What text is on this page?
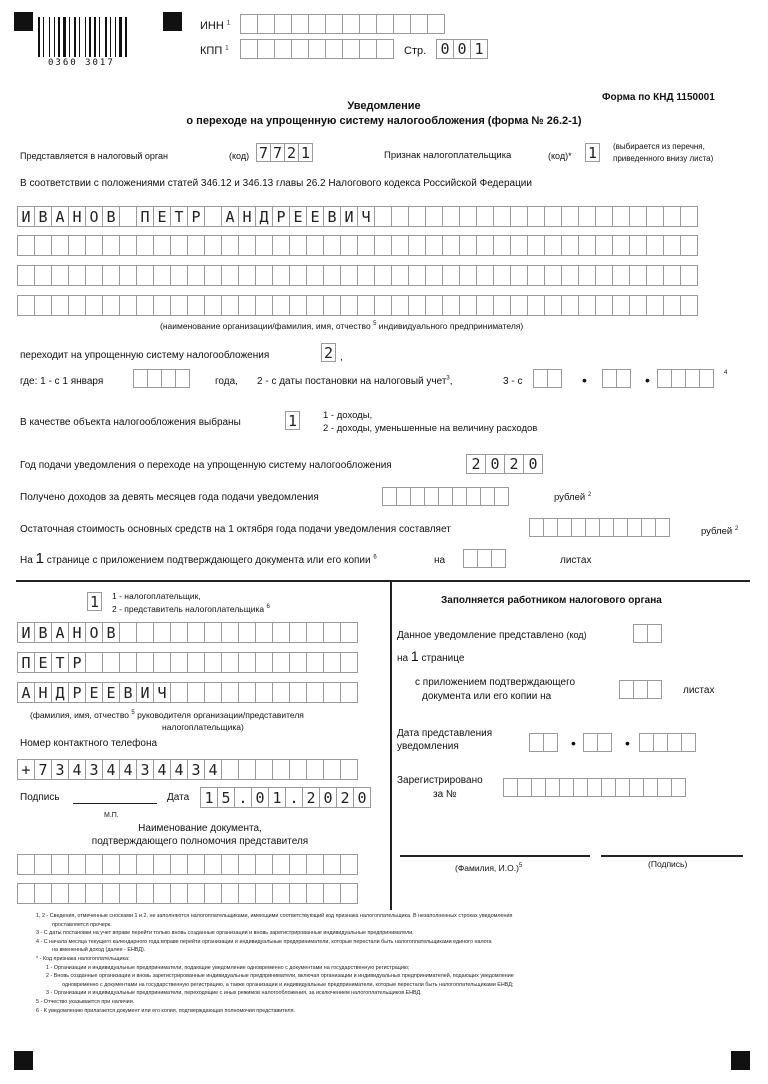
0360 3017
ИНН $^1$
КПП $^1$	Стр. 0 0 1
Форма по КНД 1150001
Уведомление
о переходе на упрощенную систему налогообложения (форма № 26.2-1)
Представляется в налоговый орган	(код) 7 7 2 1	Признак налогоплательщика	(код)* 1	(выбирается из перечня,
приведенного внизу листа)
В соответствии с положениями статей 346.12 и 346.13 главы 26.2 Налогового кодекса Российской Федерации
И В А Н О В П Е Т Р А Н Д Р Е Е В И Ч
(наименование организации/фамилия, имя, отчество $^5$ индивидуального предпринимателя)
переходит на упрощенную систему налогообложения	2 ,
где: 1 - с 1 января	года, 2 - с даты постановки на налоговый учет$^3$,	3 - с	•	•	4
В качестве объекта налогообложения выбраны	1	1 - доходы,
2 - доходы, уменьшенные на величину расходов
Год подачи уведомления о переходе на упрощенную систему налогообложения	2 0 2 0
Получено доходов за девять месяцев года подачи уведомления	рублей $^2$
Остаточная стоимость основных средств на 1 октября года подачи уведомления составляет	рублей $^2$
На 1 странице с приложением подтверждающего документа или его копии $^6$	на	листах
1	1 - налогоплательщик,
2 - представитель налогоплательщика $^6$
И В А Н О В
П Е Т Р
А Н Д Р Е Е В И Ч
(фамилия, имя, отчество $^5$ руководителя организации/представителя
налогоплательщика)
Номер контактного телефона
+ 7 3 4 3 4 4 3 4 4 3 4
Подпись
М.П.
Дата 1 5 . 0 1 . 2 0 2 0
Наименование документа,
подтверждающего полномочия представителя
Заполняется работником налогового органа
Данное уведомление представлено (код)
на 1 странице
с приложением подтверждающего
документа или его копии на
листах
Дата представления
уведомления	•	•
Зарегистрировано
за №
(Фамилия, И.О.)$^5$	(Подпись)
1, 2 - Сведения, отмеченные сносками 1 и 2, не заполняются налогоплательщиками, имеющими соответствующий код признака налогоплательщика. В незаполненных строках уведомления
проставляется прочерк.
3 - С даты постановки на учет вправе перейти только вновь созданные организации и вновь зарегистрированные индивидуальные предприниматели.
4 - С начала месяца текущего календарного года вправе перейти организации и индивидуальные предприниматели, которые перестали быть налогоплательщиками единого налога
на вмененный доход (далее - ЕНВД).
* - Код признака налогоплательщика:
1 - Организации и индивидуальные предприниматели, подающие уведомление одновременно с документами на государственную регистрацию;
2 - Вновь созданные организации и вновь зарегистрированные индивидуальные предприниматели, включая организации и индивидуальных предпринимателей, подающих уведомление
одновременно с документами на государственную регистрацию, а также организации и индивидуальные предприниматели, которые перестали быть налогоплательщиками ЕНВД;
3 - Организации и индивидуальные предприниматели, переходящие с иных режимов налогообложения, за исключением налогоплательщиков ЕНВД.
5 - Отчество указывается при наличии.
6 - К уведомлению прилагается документ или его копия, подтверждающая полномочия представителя.
